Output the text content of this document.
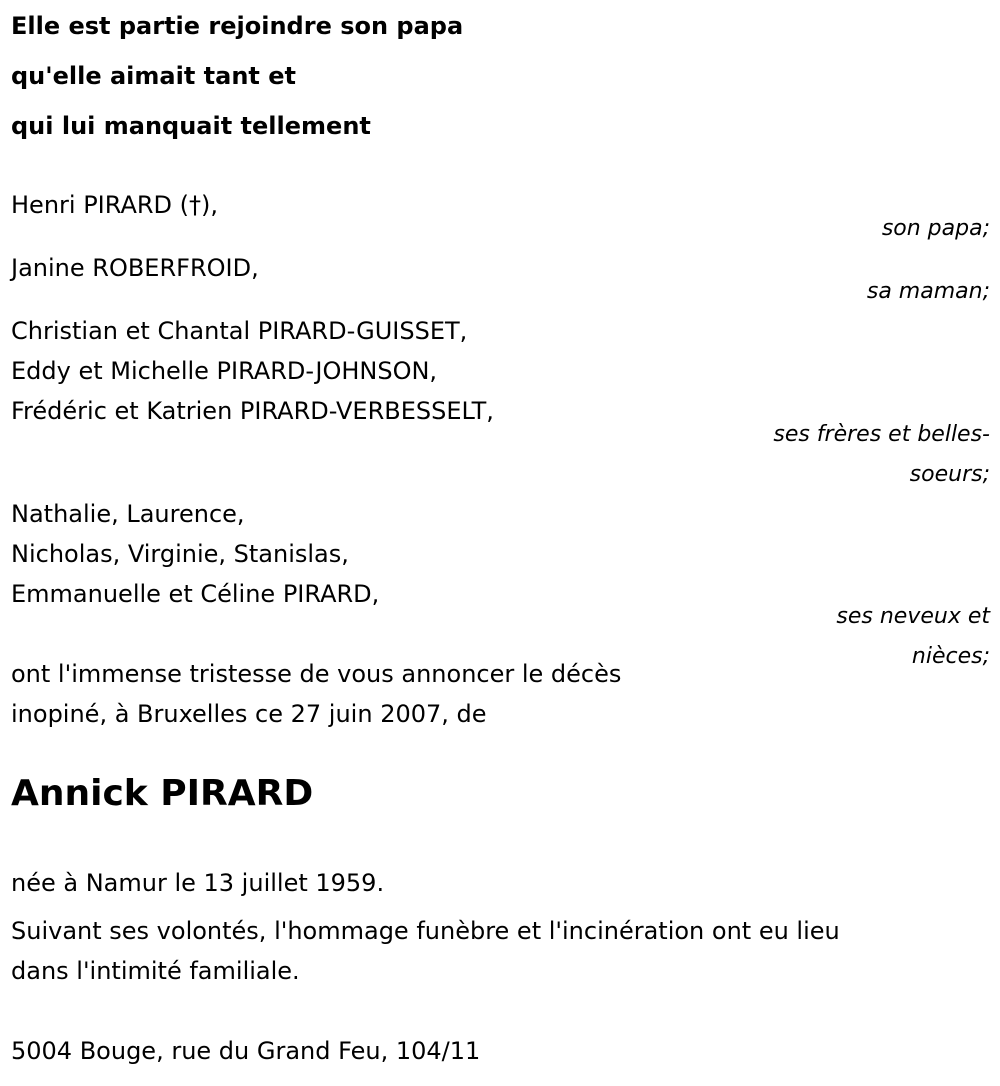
Elle est partie rejoindre son papa
qu'elle aimait tant et
qui lui manquait tellement
Henri PIRARD (†),
son papa;
Janine ROBERFROID,
sa maman;
Christian et Chantal PIRARD-GUISSET,
Eddy et Michelle PIRARD-JOHNSON,
Frédéric et Katrien PIRARD-VERBESSELT,
ses frères et belles-
soeurs;
Nathalie, Laurence,
Nicholas, Virginie, Stanislas,
Emmanuelle et Céline PIRARD,
ses neveux et
nièces;
ont l'immense tristesse de vous annoncer le décès
inopiné, à Bruxelles ce 27 juin 2007, de
Annick PIRARD
née à Namur le 13 juillet 1959.
Suivant ses volontés, l'hommage funèbre et l'incinération ont eu lieu
dans l'intimité familiale.
5004 Bouge, rue du Grand Feu, 104/11
